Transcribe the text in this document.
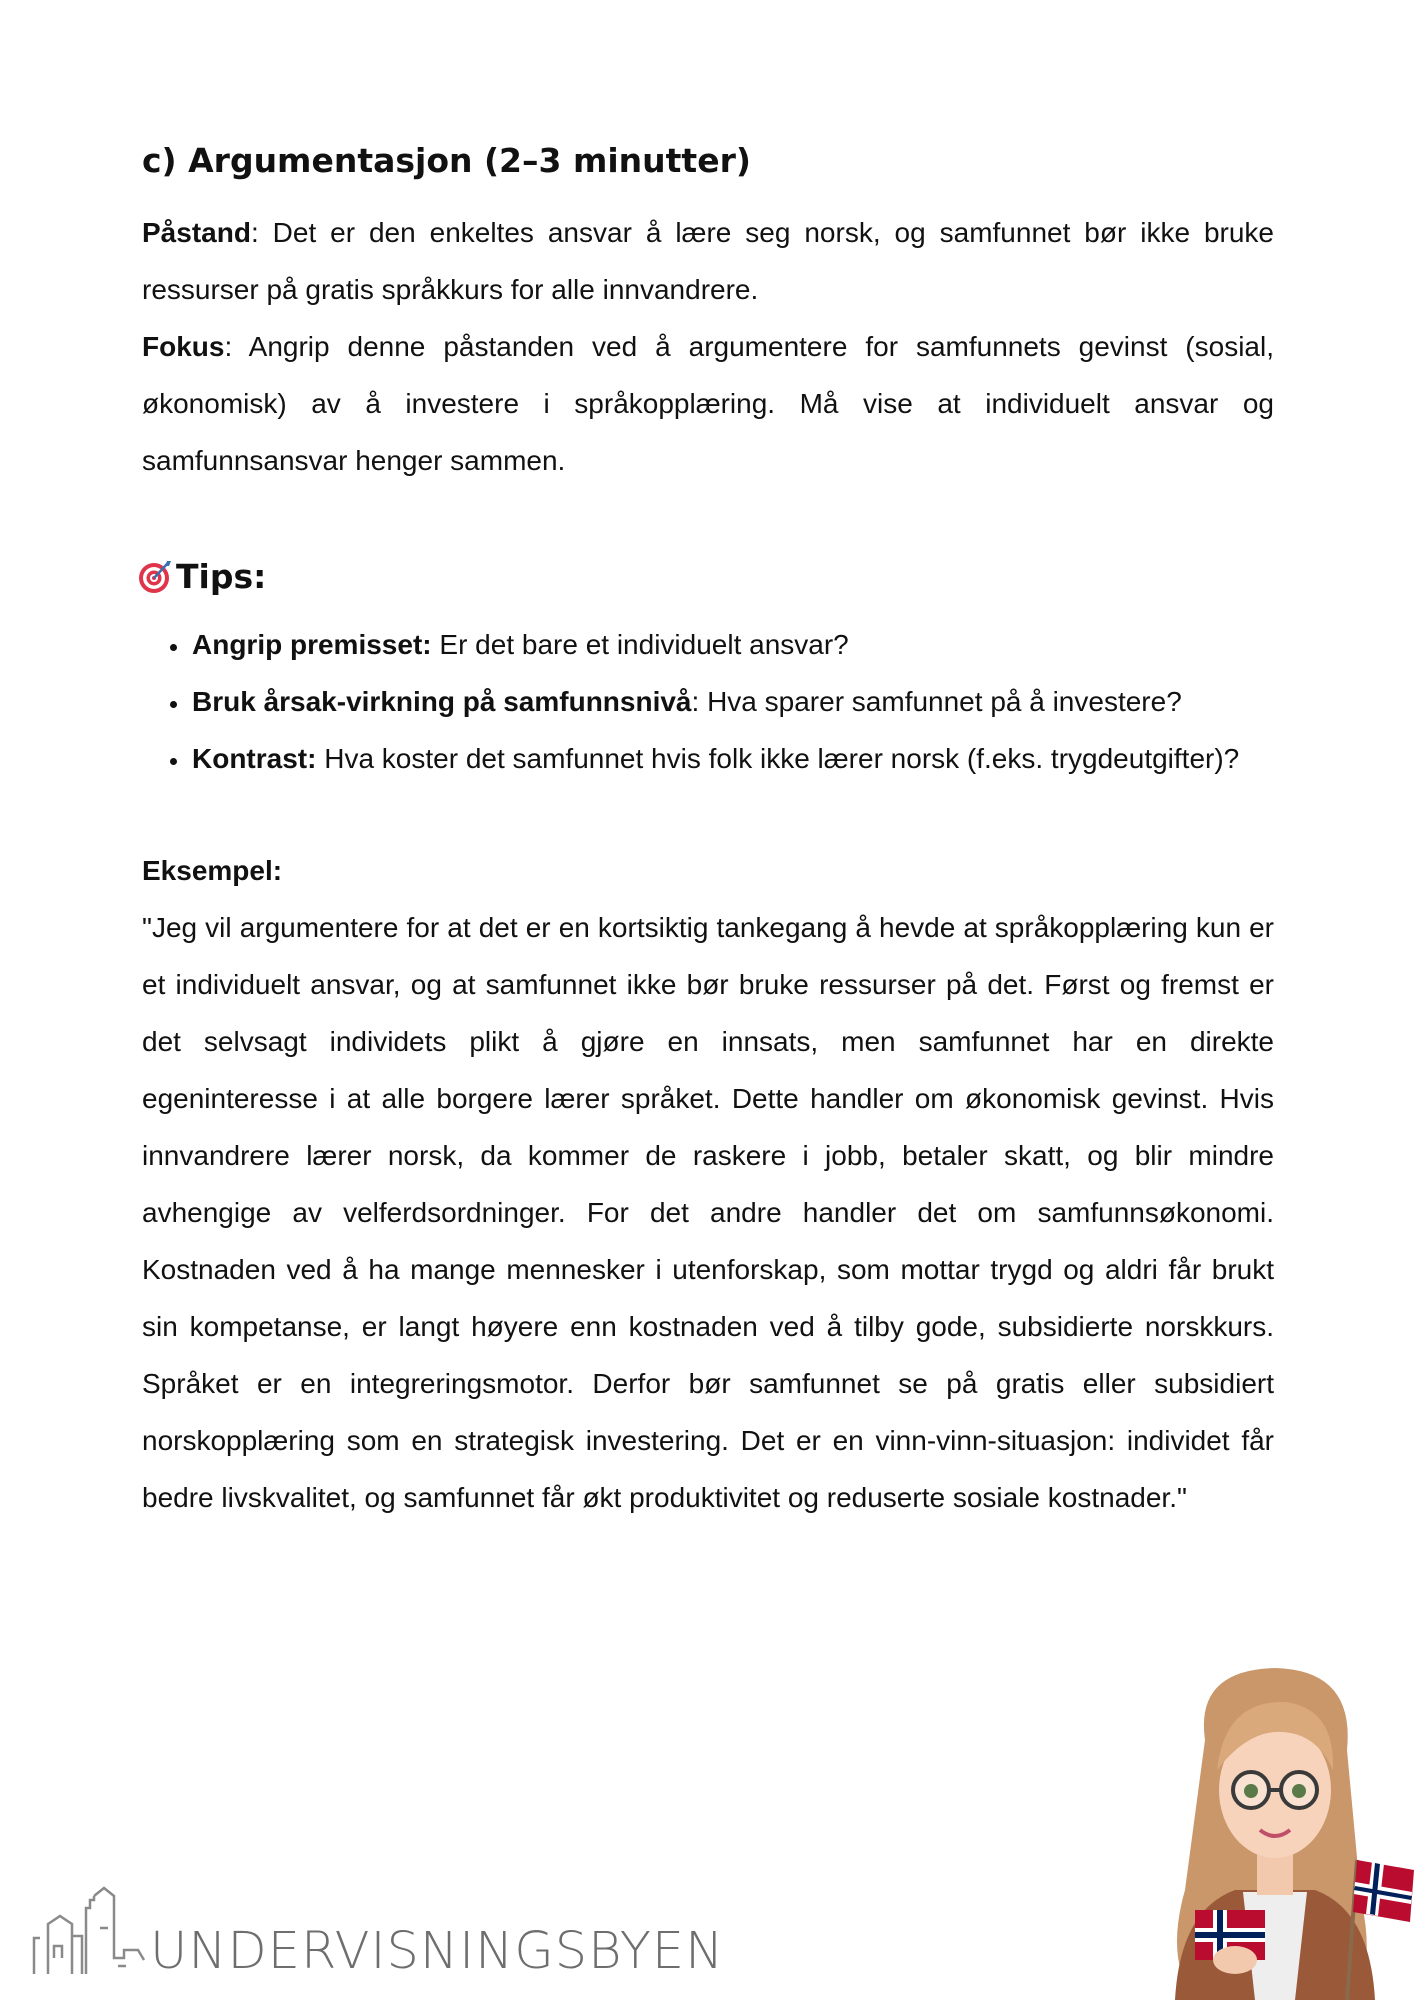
c) Argumentasjon (2–3 minutter)

Påstand: Det er den enkeltes ansvar å lære seg norsk, og samfunnet bør ikke bruke ressurser på gratis språkkurs for alle innvandrere.

Fokus: Angrip denne påstanden ved å argumentere for samfunnets gevinst (sosial, økonomisk) av å investere i språkopplæring. Må vise at individuelt ansvar og samfunnsansvar henger sammen.

Tips:
• Angrip premisset: Er det bare et individuelt ansvar?
• Bruk årsak-virkning på samfunnsnivå: Hva sparer samfunnet på å investere?
• Kontrast: Hva koster det samfunnet hvis folk ikke lærer norsk (f.eks. trygdeutgifter)?

Eksempel:

"Jeg vil argumentere for at det er en kortsiktig tankegang å hevde at språkopplæring kun er et individuelt ansvar, og at samfunnet ikke bør bruke ressurser på det. Først og fremst er det selvsagt individets plikt å gjøre en innsats, men samfunnet har en direkte egeninteresse i at alle borgere lærer språket. Dette handler om økonomisk gevinst. Hvis innvandrere lærer norsk, da kommer de raskere i jobb, betaler skatt, og blir mindre avhengige av velferdsordninger. For det andre handler det om samfunnsøkonomi. Kostnaden ved å ha mange mennesker i utenforskap, som mottar trygd og aldri får brukt sin kompetanse, er langt høyere enn kostnaden ved å tilby gode, subsidierte norskkurs. Språket er en integreringsmotor. Derfor bør samfunnet se på gratis eller subsidiert norskopplæring som en strategisk investering. Det er en vinn-vinn-situasjon: individet får bedre livskvalitet, og samfunnet får økt produktivitet og reduserte sosiale kostnader."

UNDERVISNINGSBYEN
